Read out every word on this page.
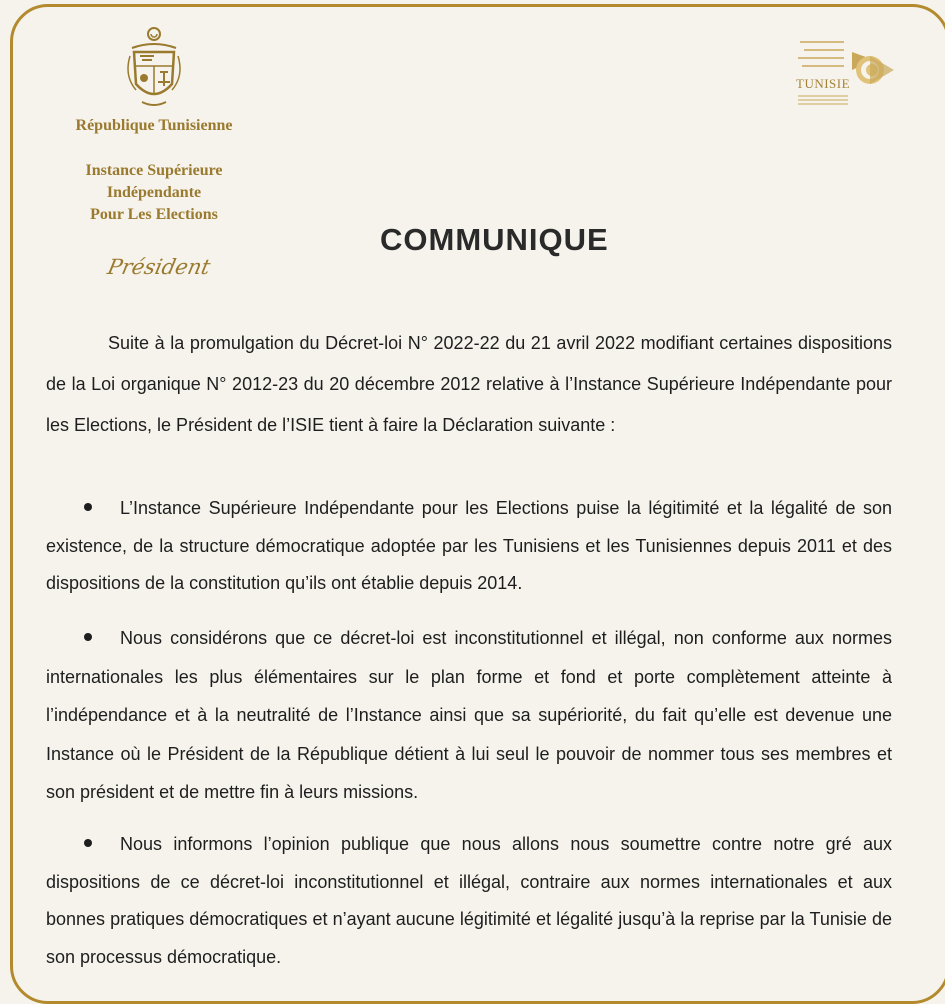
TUNISIE
République Tunisienne
Instance Supérieure
Indépendante
Pour Les Elections
Président
COMMUNIQUE

Suite à la promulgation du Décret-loi N° 2022-22 du 21 avril 2022 modifiant certaines dispositions de la Loi organique N° 2012-23 du 20 décembre 2012 relative à l’Instance Supérieure Indépendante pour les Elections, le Président de l’ISIE tient à faire la Déclaration suivante :

L’Instance Supérieure Indépendante pour les Elections puise la légitimité et la légalité de son existence, de la structure démocratique adoptée par les Tunisiens et les Tunisiennes depuis 2011 et des dispositions de la constitution qu’ils ont établie depuis 2014.

Nous considérons que ce décret-loi est inconstitutionnel et illégal, non conforme aux normes internationales les plus élémentaires sur le plan forme et fond et porte complètement atteinte à l’indépendance et à la neutralité de l’Instance ainsi que sa supériorité, du fait qu’elle est devenue une Instance où le Président de la République détient à lui seul le pouvoir de nommer tous ses membres et son président et de mettre fin à leurs missions.

Nous informons l’opinion publique que nous allons nous soumettre contre notre gré aux dispositions de ce décret-loi inconstitutionnel et illégal, contraire aux normes internationales et aux bonnes pratiques démocratiques et n’ayant aucune légitimité et légalité jusqu’à la reprise par la Tunisie de son processus démocratique.
